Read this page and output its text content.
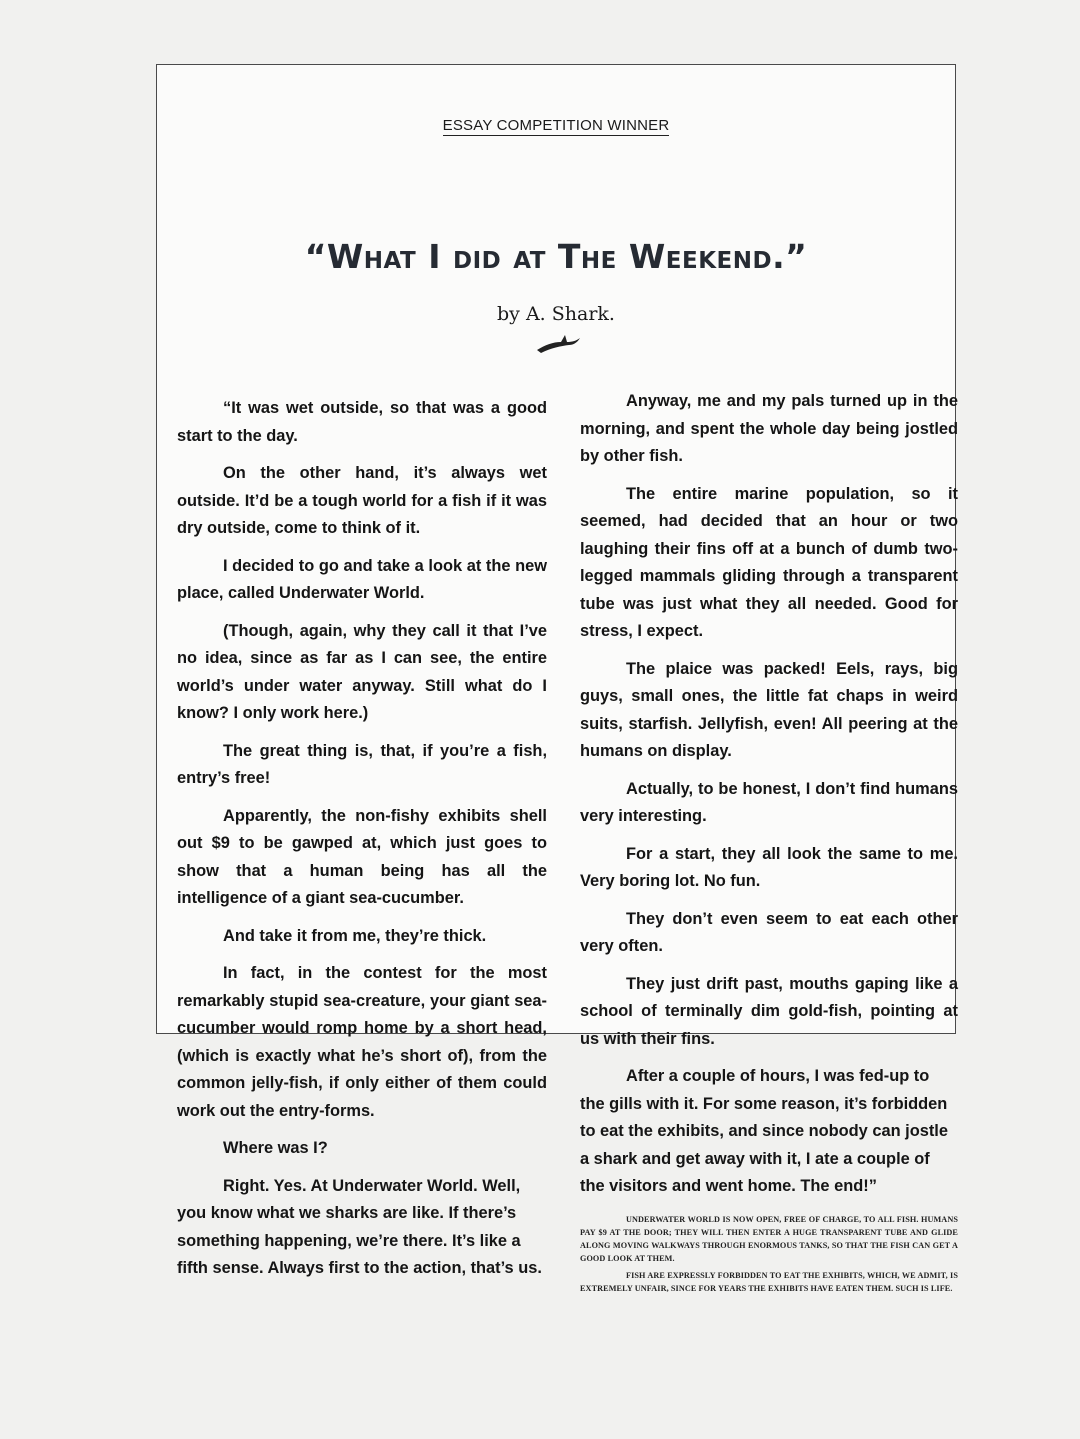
ESSAY COMPETITION WINNER
“What I did at The Weekend.”
by A. Shark.

“It was wet outside, so that was a good start to the day.

On the other hand, it’s always wet outside. It’d be a tough world for a fish if it was dry outside, come to think of it.

I decided to go and take a look at the new place, called Underwater World.

(Though, again, why they call it that I’ve no idea, since as far as I can see, the entire world’s under water anyway. Still what do I know? I only work here.)

The great thing is, that, if you’re a fish, entry’s free!

Apparently, the non-fishy exhibits shell out $9 to be gawped at, which just goes to show that a human being has all the intelligence of a giant sea-cucumber.

And take it from me, they’re thick.

In fact, in the contest for the most remarkably stupid sea-creature, your giant sea-cucumber would romp home by a short head, (which is exactly what he’s short of), from the common jelly-fish, if only either of them could work out the entry-forms.

Where was I?

Right. Yes. At Underwater World. Well, you know what we sharks are like. If there’s something happening, we’re there. It’s like a fifth sense. Always first to the action, that’s us.

Anyway, me and my pals turned up in the morning, and spent the whole day being jostled by other fish.

The entire marine population, so it seemed, had decided that an hour or two laughing their fins off at a bunch of dumb two-legged mammals gliding through a transparent tube was just what they all needed. Good for stress, I expect.

The plaice was packed! Eels, rays, big guys, small ones, the little fat chaps in weird suits, starfish. Jellyfish, even! All peering at the humans on display.

Actually, to be honest, I don’t find humans very interesting.

For a start, they all look the same to me. Very boring lot. No fun.

They don’t even seem to eat each other very often.

They just drift past, mouths gaping like a school of terminally dim gold-fish, pointing at us with their fins.

After a couple of hours, I was fed-up to the gills with it. For some reason, it’s forbidden to eat the exhibits, and since nobody can jostle a shark and get away with it, I ate a couple of the visitors and went home. The end!”

UNDERWATER WORLD IS NOW OPEN, FREE OF CHARGE, TO ALL FISH. HUMANS PAY $9 AT THE DOOR; THEY WILL THEN ENTER A HUGE TRANSPARENT TUBE AND GLIDE ALONG MOVING WALKWAYS THROUGH ENORMOUS TANKS, SO THAT THE FISH CAN GET A GOOD LOOK AT THEM.

FISH ARE EXPRESSLY FORBIDDEN TO EAT THE EXHIBITS, WHICH, WE ADMIT, IS EXTREMELY UNFAIR, SINCE FOR YEARS THE EXHIBITS HAVE EATEN THEM. SUCH IS LIFE.
